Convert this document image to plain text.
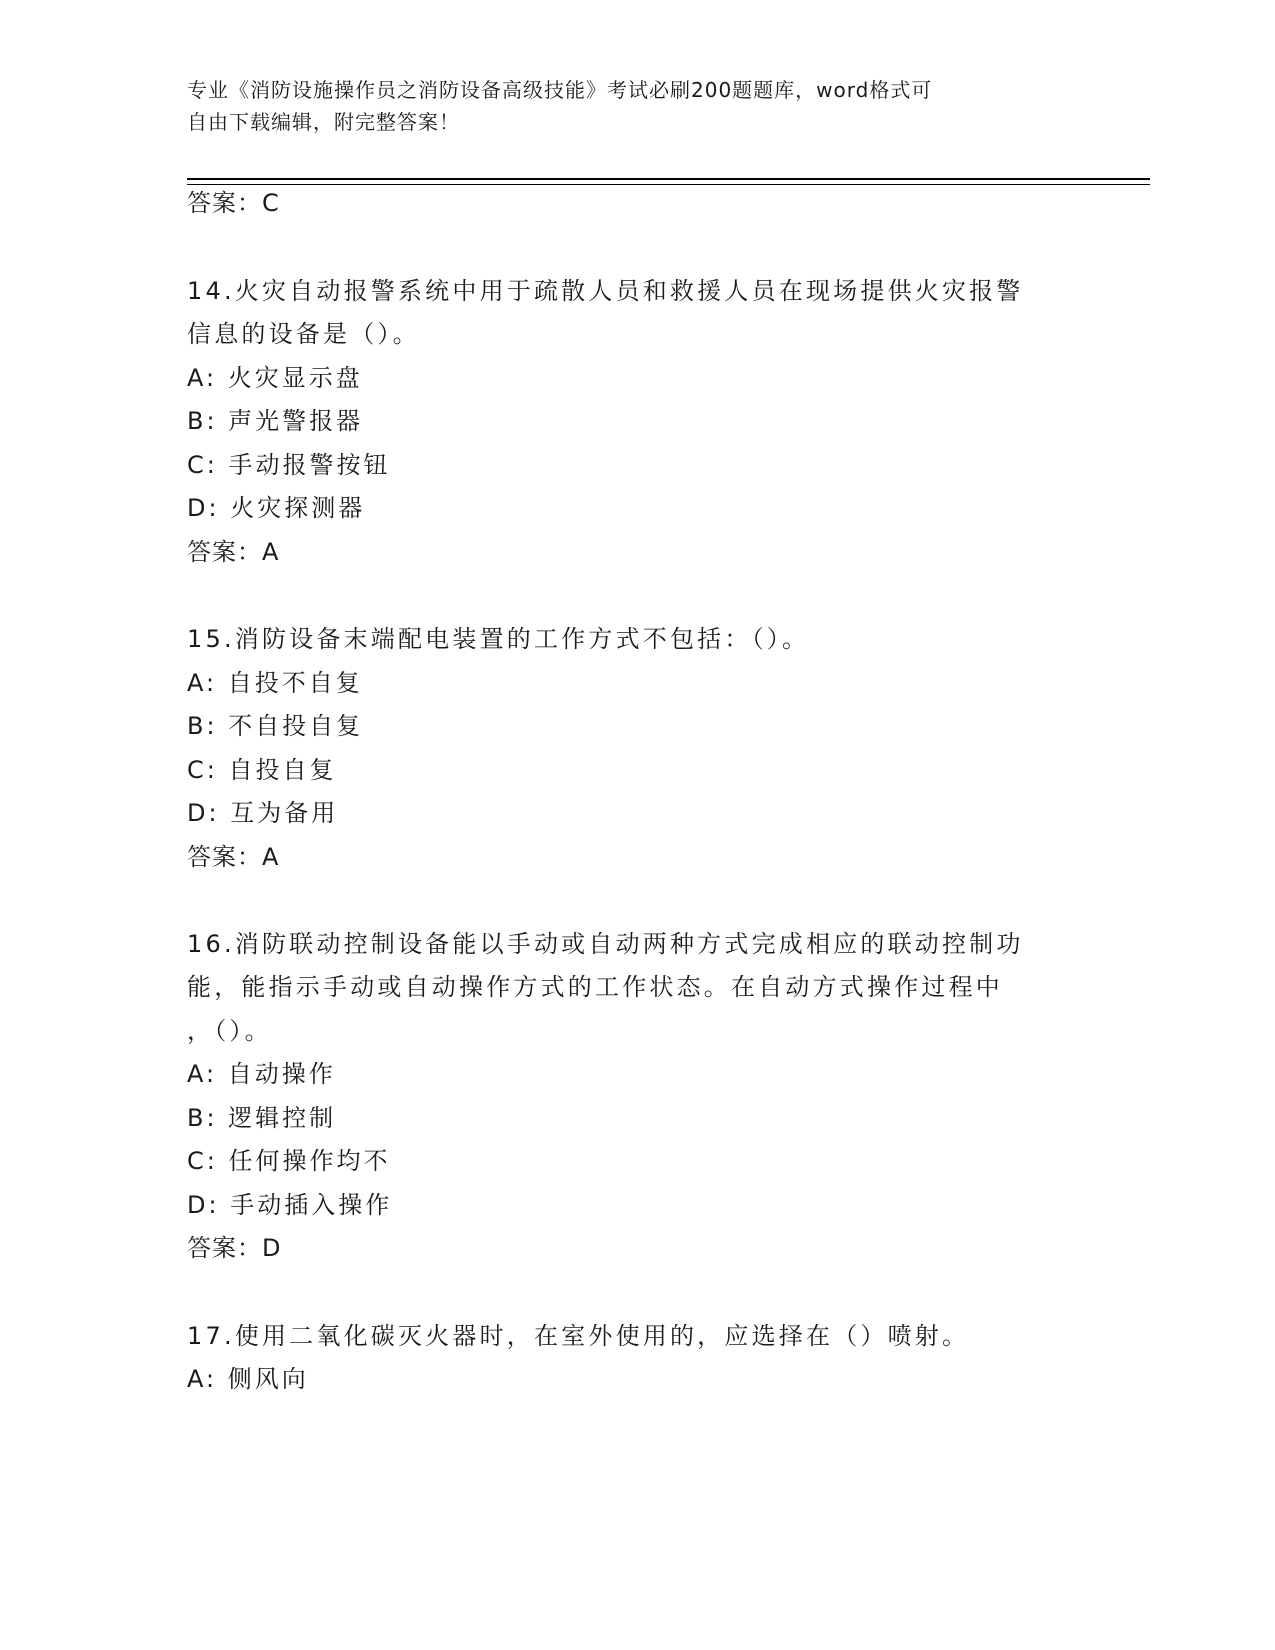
专业《消防设施操作员之消防设备高级技能》考试必刷200题题库，word格式可
自由下载编辑，附完整答案！
答案：C
14.火灾自动报警系统中用于疏散人员和救援人员在现场提供火灾报警
信息的设备是（）。
A: 火灾显示盘
B: 声光警报器
C: 手动报警按钮
D: 火灾探测器
答案：A
15.消防设备末端配电装置的工作方式不包括：（）。
A: 自投不自复
B: 不自投自复
C: 自投自复
D: 互为备用
答案：A
16.消防联动控制设备能以手动或自动两种方式完成相应的联动控制功
能，能指示手动或自动操作方式的工作状态。在自动方式操作过程中
，（）。
A: 自动操作
B: 逻辑控制
C: 任何操作均不
D: 手动插入操作
答案：D
17.使用二氧化碳灭火器时，在室外使用的，应选择在（）喷射。
A: 侧风向
